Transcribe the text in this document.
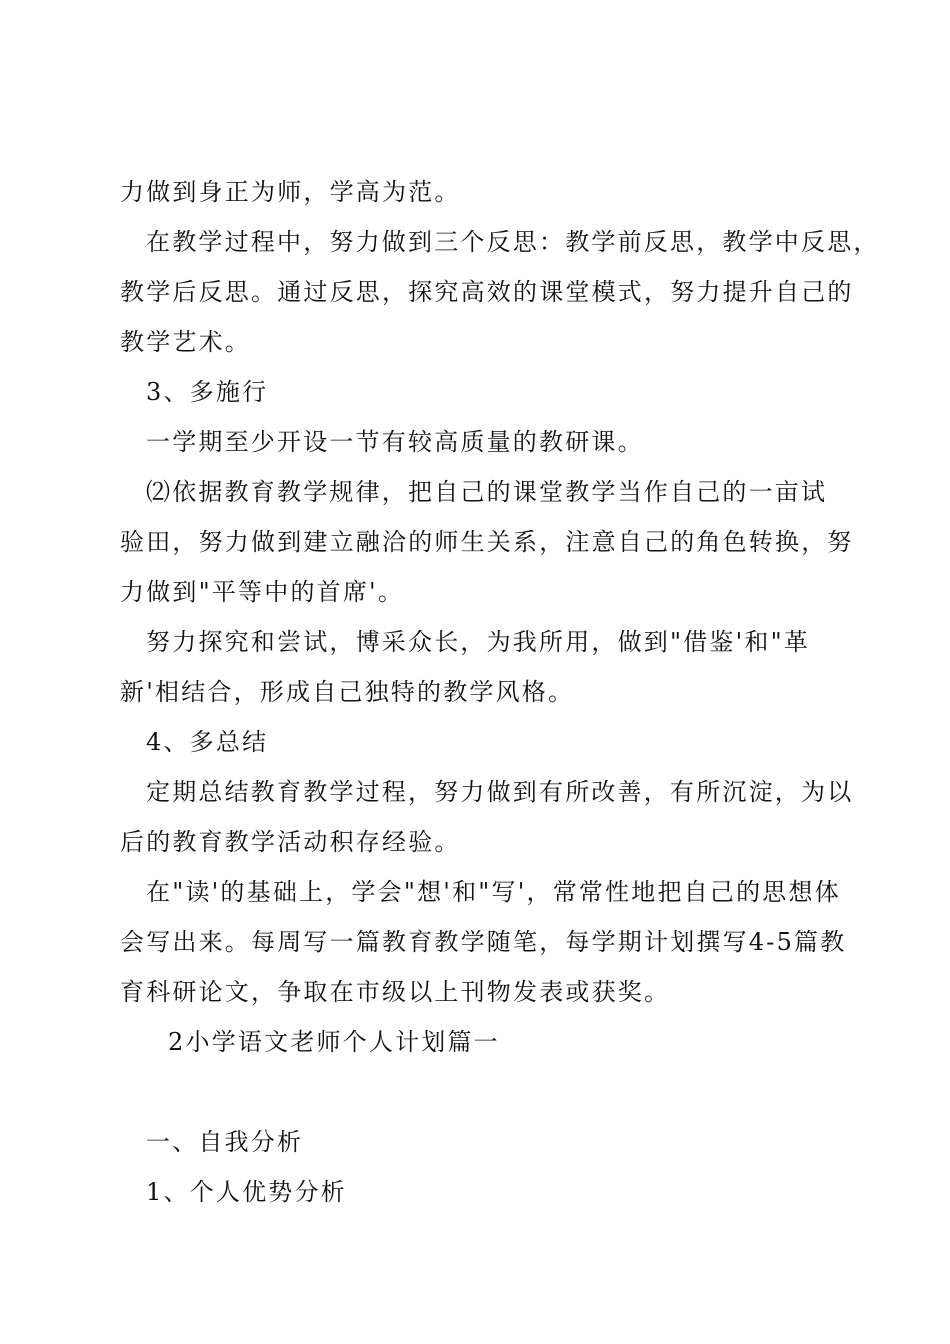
力做到身正为师，学高为范。

在教学过程中，努力做到三个反思：教学前反思，教学中反思，

教学后反思。通过反思，探究高效的课堂模式，努力提升自己的

教学艺术。

3、多施行

一学期至少开设一节有较高质量的教研课。

⑵依据教育教学规律，把自己的课堂教学当作自己的一亩试

验田，努力做到建立融洽的师生关系，注意自己的角色转换，努

力做到"平等中的首席'。

努力探究和尝试，博采众长，为我所用，做到"借鉴'和"革

新'相结合，形成自己独特的教学风格。

4、多总结

定期总结教育教学过程，努力做到有所改善，有所沉淀，为以

后的教育教学活动积存经验。

在"读'的基础上，学会"想'和"写'，常常性地把自己的思想体

会写出来。每周写一篇教育教学随笔，每学期计划撰写4-5篇教

育科研论文，争取在市级以上刊物发表或获奖。

2小学语文老师个人计划篇一

一、自我分析

1、个人优势分析
